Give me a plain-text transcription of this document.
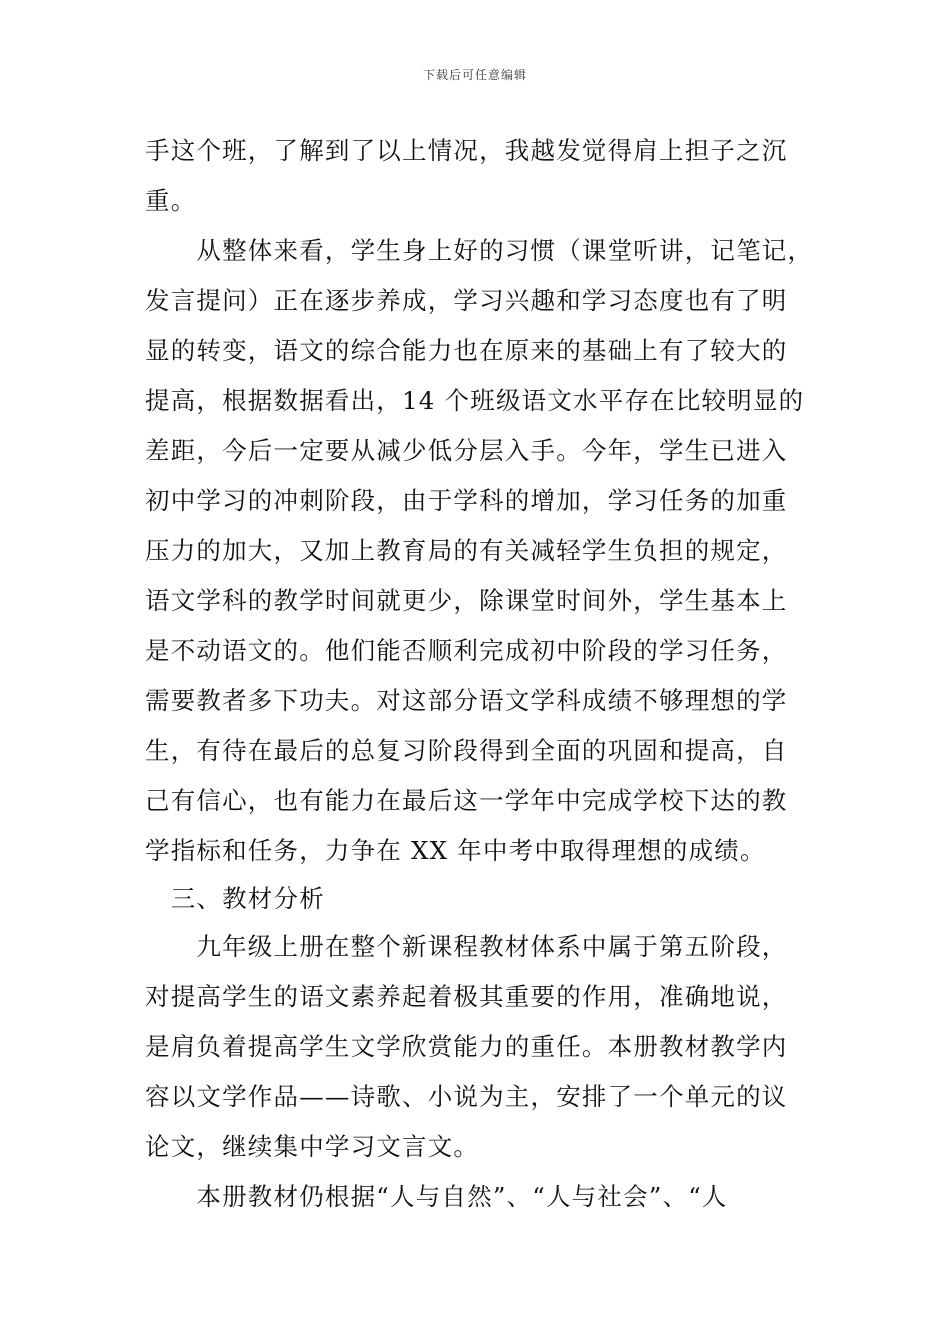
下载后可任意编辑
手这个班，了解到了以上情况，我越发觉得肩上担子之沉
重。
　　从整体来看，学生身上好的习惯（课堂听讲，记笔记，
发言提问）正在逐步养成，学习兴趣和学习态度也有了明
显的转变，语文的综合能力也在原来的基础上有了较大的
提高，根据数据看出，14 个班级语文水平存在比较明显的
差距，今后一定要从减少低分层入手。今年，学生已进入
初中学习的冲刺阶段，由于学科的增加，学习任务的加重
压力的加大，又加上教育局的有关减轻学生负担的规定，
语文学科的教学时间就更少，除课堂时间外，学生基本上
是不动语文的。他们能否顺利完成初中阶段的学习任务，
需要教者多下功夫。对这部分语文学科成绩不够理想的学
生，有待在最后的总复习阶段得到全面的巩固和提高，自
己有信心，也有能力在最后这一学年中完成学校下达的教
学指标和任务，力争在 XX 年中考中取得理想的成绩。
　三、教材分析
　　九年级上册在整个新课程教材体系中属于第五阶段，
对提高学生的语文素养起着极其重要的作用，准确地说，
是肩负着提高学生文学欣赏能力的重任。本册教材教学内
容以文学作品——诗歌、小说为主，安排了一个单元的议
论文，继续集中学习文言文。
　　本册教材仍根据“人与自然”、“人与社会”、“人
